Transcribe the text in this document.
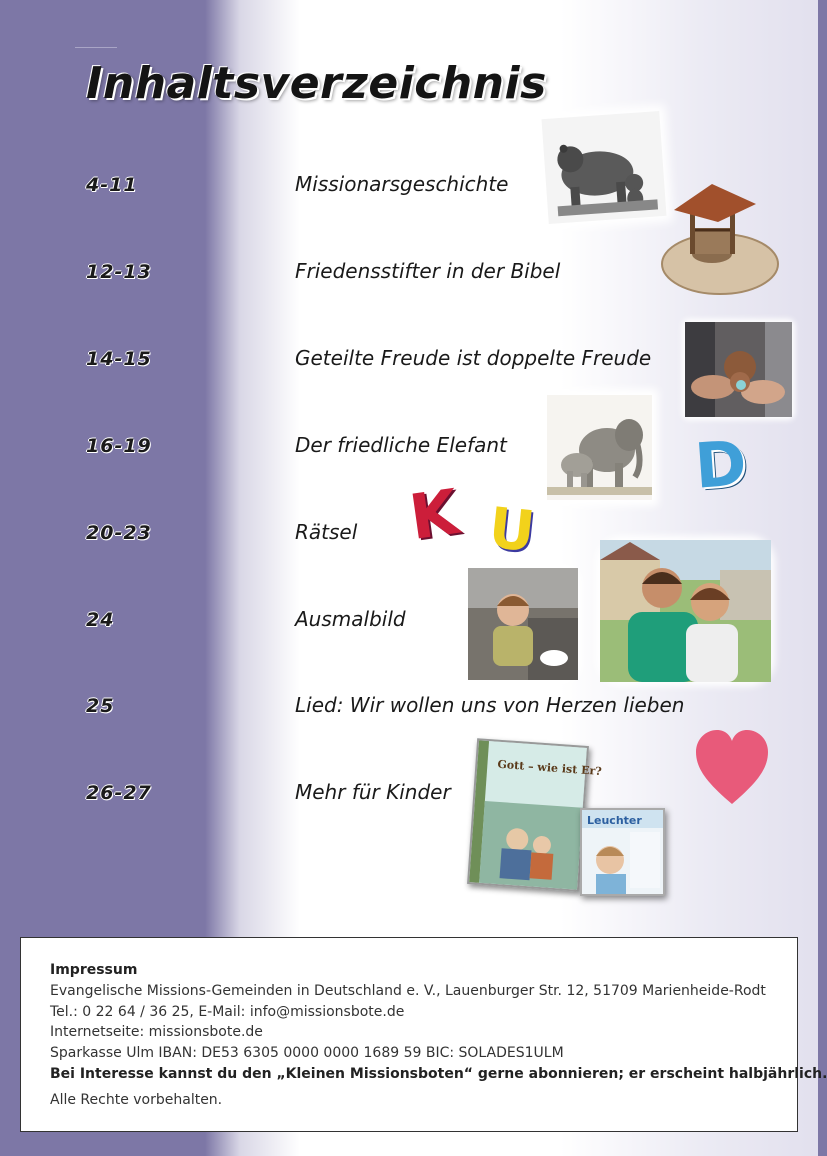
Inhaltsverzeichnis
4-11	Missionarsgeschichte
12-13	Friedensstifter in der Bibel
14-15	Geteilte Freude ist doppelte Freude
16-19	Der friedliche Elefant
20-23	Rätsel
24	Ausmalbild
25	Lied: Wir wollen uns von Herzen lieben
26-27	Mehr für Kinder
K U
D
Gott – wie ist Er?
Leuchter
Impressum
Evangelische Missions-Gemeinden in Deutschland e. V., Lauenburger Str. 12, 51709 Marienheide-Rodt
Tel.: 0 22 64 / 36 25, E-Mail: info@missionsbote.de
Internetseite: missionsbote.de
Sparkasse Ulm IBAN: DE53 6305 0000 0000 1689 59 BIC: SOLADES1ULM
Bei Interesse kannst du den „Kleinen Missionsboten“ gerne abonnieren; er erscheint halbjährlich.
Alle Rechte vorbehalten.
